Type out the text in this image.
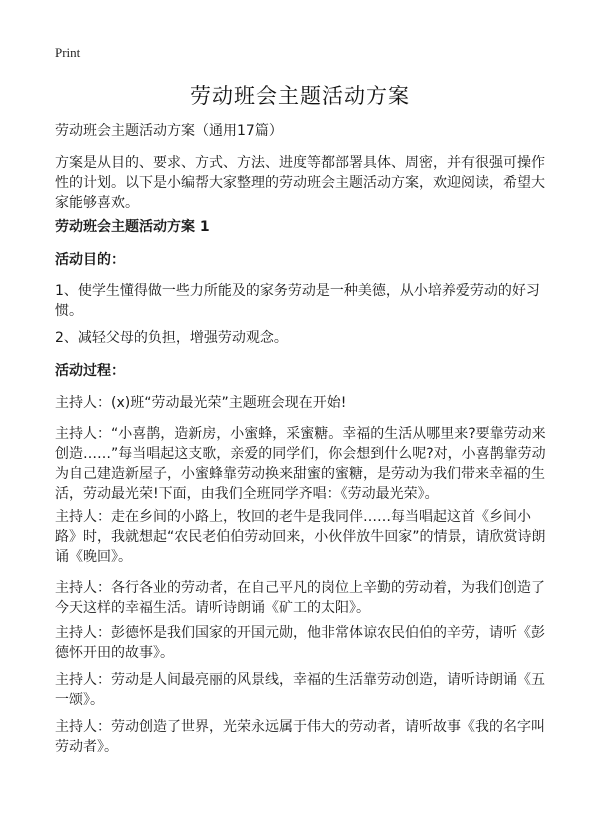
Print
劳动班会主题活动方案
劳动班会主题活动方案（通用17篇）
方案是从目的、要求、方式、方法、进度等都部署具体、周密，并有很强可操作性的计划。以下是小编帮大家整理的劳动班会主题活动方案，欢迎阅读，希望大家能够喜欢。
劳动班会主题活动方案 1
活动目的：
1、使学生懂得做一些力所能及的家务劳动是一种美德，从小培养爱劳动的好习惯。
2、减轻父母的负担，增强劳动观念。
活动过程：
主持人：(x)班“劳动最光荣”主题班会现在开始!
主持人：“小喜鹊，造新房，小蜜蜂，采蜜糖。幸福的生活从哪里来?要靠劳动来创造……”每当唱起这支歌，亲爱的同学们，你会想到什么呢?对，小喜鹊靠劳动为自己建造新屋子，小蜜蜂靠劳动换来甜蜜的蜜糖，是劳动为我们带来幸福的生活，劳动最光荣!下面，由我们全班同学齐唱：《劳动最光荣》。
主持人：走在乡间的小路上，牧回的老牛是我同伴……每当唱起这首《乡间小路》时，我就想起“农民老伯伯劳动回来，小伙伴放牛回家”的情景，请欣赏诗朗诵《晚回》。
主持人：各行各业的劳动者，在自己平凡的岗位上辛勤的劳动着，为我们创造了今天这样的幸福生活。请听诗朗诵《矿工的太阳》。
主持人：彭德怀是我们国家的开国元勋，他非常体谅农民伯伯的辛劳，请听《彭德怀开田的故事》。
主持人：劳动是人间最亮丽的风景线，幸福的生活靠劳动创造，请听诗朗诵《五一颂》。
主持人：劳动创造了世界，光荣永远属于伟大的劳动者，请听故事《我的名字叫劳动者》。
